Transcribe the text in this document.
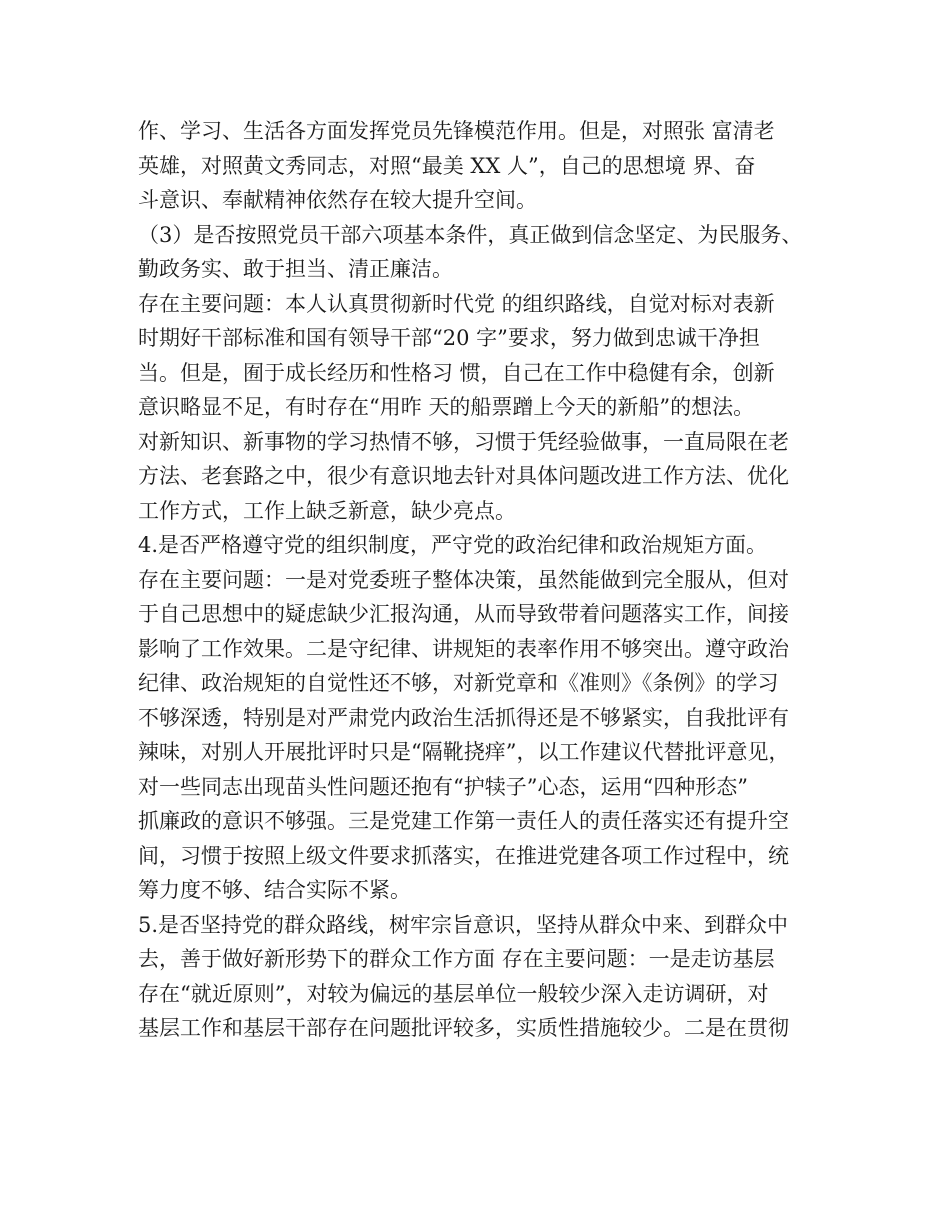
作、学习、生活各方面发挥党员先锋模范作用。但是，对照张 富清老
英雄，对照黄文秀同志，对照“最美 XX 人”，自己的思想境 界、奋
斗意识、奉献精神依然存在较大提升空间。
（3）是否按照党员干部六项基本条件，真正做到信念坚定、为民服务、
勤政务实、敢于担当、清正廉洁。
存在主要问题：本人认真贯彻新时代党 的组织路线，自觉对标对表新
时期好干部标准和国有领导干部“20 字”要求，努力做到忠诚干净担
当。但是，囿于成长经历和性格习 惯，自己在工作中稳健有余，创新
意识略显不足，有时存在“用昨 天的船票蹭上今天的新船”的想法。
对新知识、新事物的学习热情不够，习惯于凭经验做事，一直局限在老
方法、老套路之中，很少有意识地去针对具体问题改进工作方法、优化
工作方式，工作上缺乏新意，缺少亮点。
4.是否严格遵守党的组织制度，严守党的政治纪律和政治规矩方面。
存在主要问题：一是对党委班子整体决策，虽然能做到完全服从，但对
于自己思想中的疑虑缺少汇报沟通，从而导致带着问题落实工作，间接
影响了工作效果。二是守纪律、讲规矩的表率作用不够突出。遵守政治
纪律、政治规矩的自觉性还不够，对新党章和《准则》《条例》的学习
不够深透，特别是对严肃党内政治生活抓得还是不够紧实，自我批评有
辣味，对别人开展批评时只是“隔靴挠痒”，以工作建议代替批评意见，
对一些同志出现苗头性问题还抱有“护犊子”心态，运用“四种形态”
抓廉政的意识不够强。三是党建工作第一责任人的责任落实还有提升空
间，习惯于按照上级文件要求抓落实，在推进党建各项工作过程中，统
筹力度不够、结合实际不紧。
5.是否坚持党的群众路线，树牢宗旨意识，坚持从群众中来、到群众中
去，善于做好新形势下的群众工作方面 存在主要问题：一是走访基层
存在“就近原则”，对较为偏远的基层单位一般较少深入走访调研，对
基层工作和基层干部存在问题批评较多，实质性措施较少。二是在贯彻
